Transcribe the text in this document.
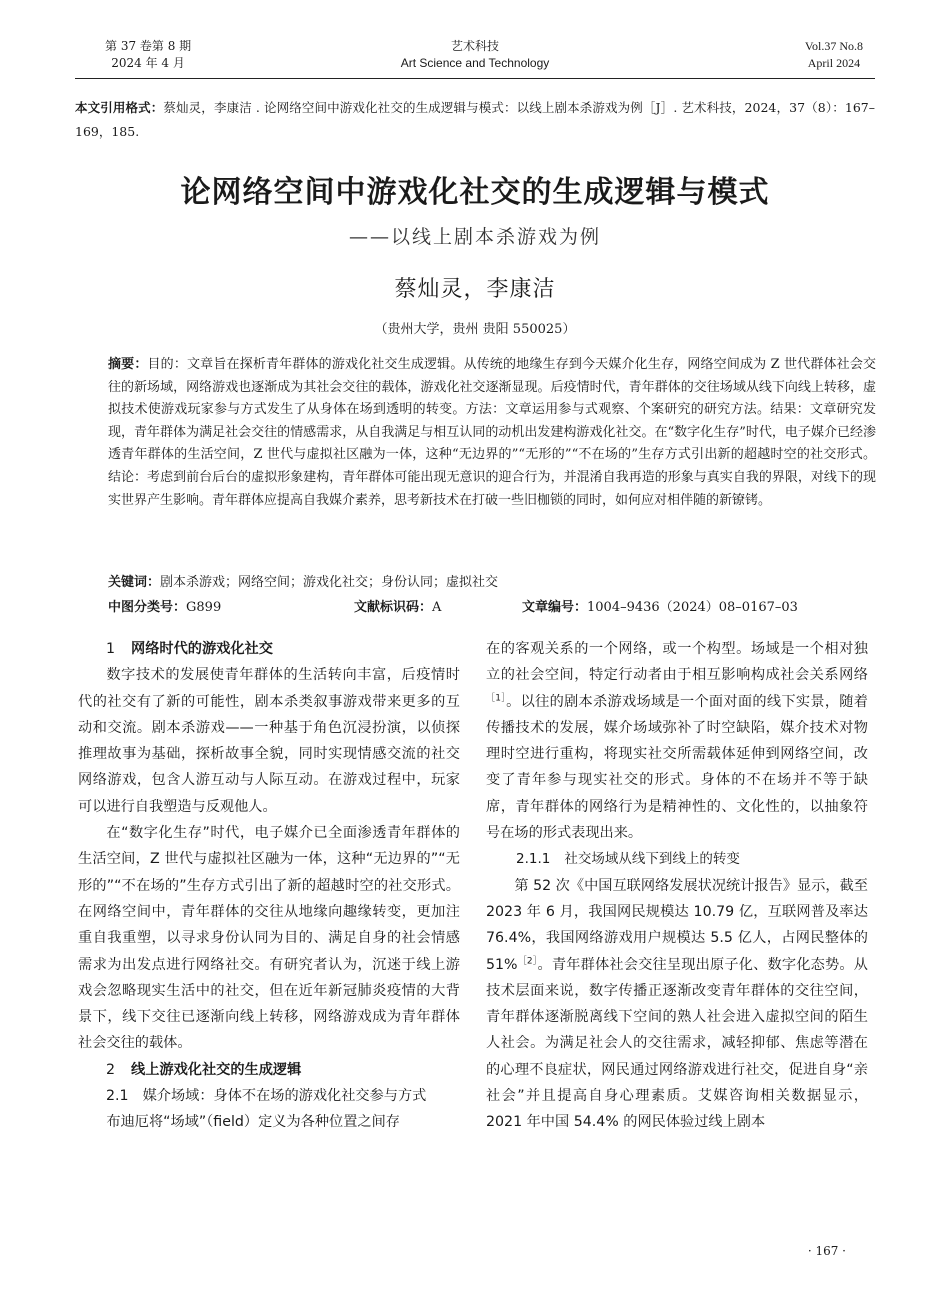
第 37 卷第 8 期
2024 年 4 月
艺术科技
Art Science and Technology
Vol.37 No.8
April 2024
本文引用格式：蔡灿灵，李康洁 . 论网络空间中游戏化社交的生成逻辑与模式：以线上剧本杀游戏为例［J］. 艺术科技，2024，37（8）：167–169，185.
论网络空间中游戏化社交的生成逻辑与模式
——以线上剧本杀游戏为例
蔡灿灵，李康洁
（贵州大学，贵州 贵阳 550025）
摘要：目的：文章旨在探析青年群体的游戏化社交生成逻辑。从传统的地缘生存到今天媒介化生存，网络空间成为 Z 世代群体社会交往的新场域，网络游戏也逐渐成为其社会交往的载体，游戏化社交逐渐显现。后疫情时代，青年群体的交往场域从线下向线上转移，虚拟技术使游戏玩家参与方式发生了从身体在场到透明的转变。方法：文章运用参与式观察、个案研究的研究方法。结果：文章研究发现，青年群体为满足社会交往的情感需求，从自我满足与相互认同的动机出发建构游戏化社交。在“数字化生存”时代，电子媒介已经渗透青年群体的生活空间，Z 世代与虚拟社区融为一体，这种“无边界的”“无形的”“不在场的”生存方式引出新的超越时空的社交形式。结论：考虑到前台后台的虚拟形象建构，青年群体可能出现无意识的迎合行为，并混淆自我再造的形象与真实自我的界限，对线下的现实世界产生影响。青年群体应提高自我媒介素养，思考新技术在打破一些旧枷锁的同时，如何应对相伴随的新镣铐。
关键词：剧本杀游戏；网络空间；游戏化社交；身份认同；虚拟社交
中图分类号：G899	文献标识码：A	文章编号：1004–9436（2024）08–0167–03

1 网络时代的游戏化社交

数字技术的发展使青年群体的生活转向丰富，后疫情时代的社交有了新的可能性，剧本杀类叙事游戏带来更多的互动和交流。剧本杀游戏——一种基于角色沉浸扮演，以侦探推理故事为基础，探析故事全貌，同时实现情感交流的社交网络游戏，包含人游互动与人际互动。在游戏过程中，玩家可以进行自我塑造与反观他人。

在“数字化生存”时代，电子媒介已全面渗透青年群体的生活空间，Z 世代与虚拟社区融为一体，这种“无边界的”“无形的”“不在场的”生存方式引出了新的超越时空的社交形式。在网络空间中，青年群体的交往从地缘向趣缘转变，更加注重自我重塑，以寻求身份认同为目的、满足自身的社会情感需求为出发点进行网络社交。有研究者认为，沉迷于线上游戏会忽略现实生活中的社交，但在近年新冠肺炎疫情的大背景下，线下交往已逐渐向线上转移，网络游戏成为青年群体社会交往的载体。

2 线上游戏化社交的生成逻辑

2.1 媒介场域：身体不在场的游戏化社交参与方式

布迪厄将“场域”（field）定义为各种位置之间存

在的客观关系的一个网络，或一个构型。场域是一个相对独立的社会空间，特定行动者由于相互影响构成社会关系网络$^{[1]}$。以往的剧本杀游戏场域是一个面对面的线下实景，随着传播技术的发展，媒介场域弥补了时空缺陷，媒介技术对物理时空进行重构，将现实社交所需载体延伸到网络空间，改变了青年参与现实社交的形式。身体的不在场并不等于缺席，青年群体的网络行为是精神性的、文化性的，以抽象符号在场的形式表现出来。

2.1.1 社交场域从线下到线上的转变

第 52 次《中国互联网络发展状况统计报告》显示，截至 2023 年 6 月，我国网民规模达 10.79 亿，互联网普及率达 76.4%，我国网络游戏用户规模达 5.5 亿人，占网民整体的 51%$^{[2]}$。青年群体社会交往呈现出原子化、数字化态势。从技术层面来说，数字传播正逐渐改变青年群体的交往空间，青年群体逐渐脱离线下空间的熟人社会进入虚拟空间的陌生人社会。为满足社会人的交往需求，减轻抑郁、焦虑等潜在的心理不良症状，网民通过网络游戏进行社交，促进自身“亲社会”并且提高自身心理素质。艾媒咨询相关数据显示，2021 年中国 54.4% 的网民体验过线上剧本

· 167 ·
